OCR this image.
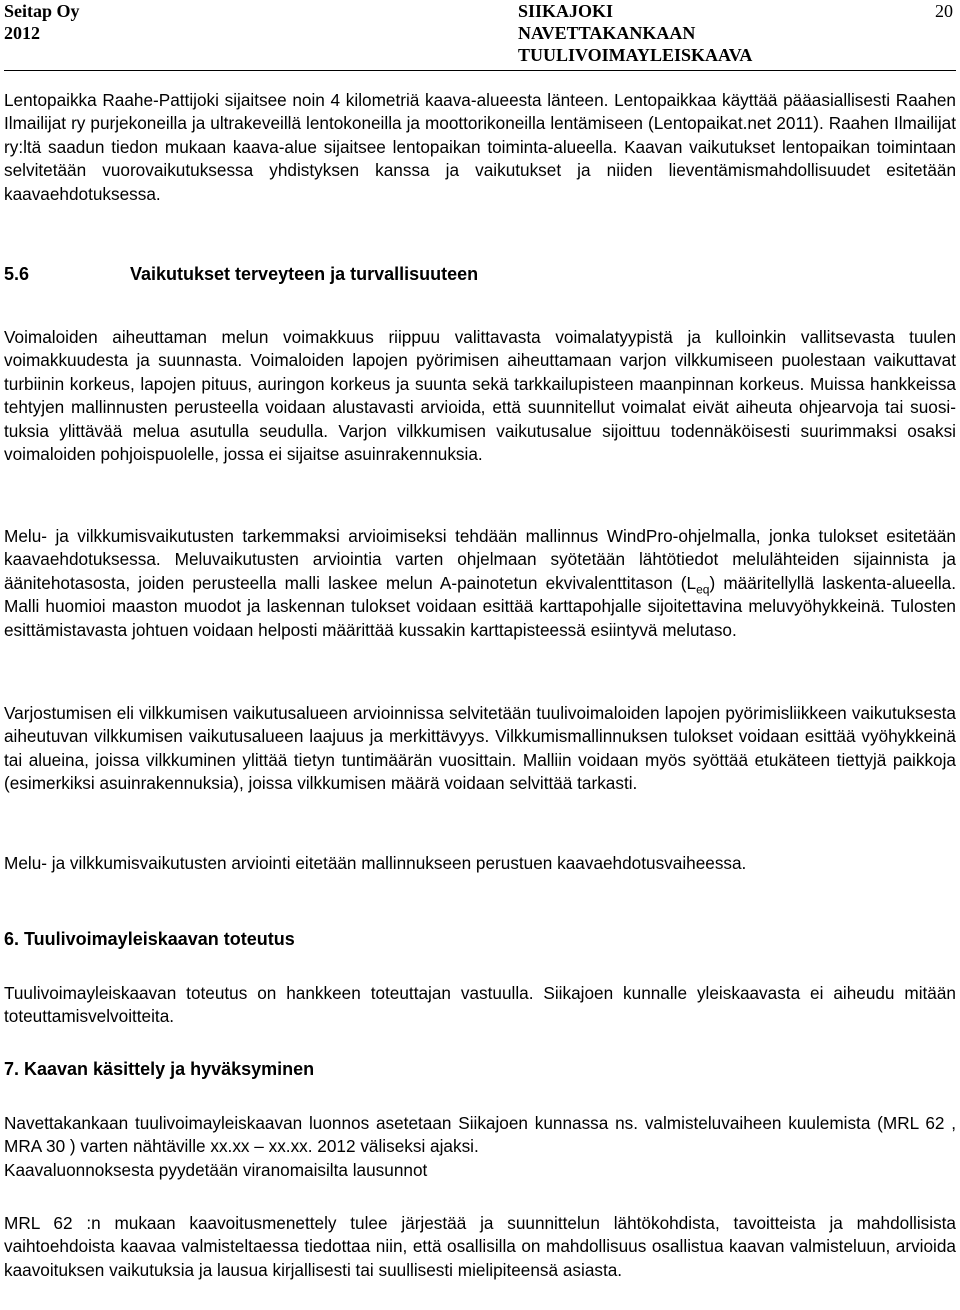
Seitap Oy
2012
SIIKAJOKI
NAVETTAKANKAAN
TUULIVOIMAYLEISKAAVA
20

Lentopaikka Raahe-Pattijoki sijaitsee noin 4 kilometriä kaava-alueesta länteen. Lentopaikkaa käyttää pääasiallisesti Raahen Ilmailijat ry purjekoneilla ja ultrakeveillä lentokoneilla ja moottorikoneilla lentämiseen (Lentopaikat.net 2011). Raahen Ilmailijat ry:ltä saadun tiedon mukaan kaava-alue sijaitsee lentopaikan toiminta-alueella. Kaavan vaikutukset lentopaikan toimintaan selvitetään vuorovaikutuksessa yhdistyksen kanssa ja vaikutukset ja niiden lieventämismahdollisuudet esitetään kaavaehdotuksessa.

5.6	Vaikutukset terveyteen ja turvallisuuteen

Voimaloiden aiheuttaman melun voimakkuus riippuu valittavasta voimalatyypistä ja kulloinkin vallitsevasta tuulen voimakkuudesta ja suunnasta. Voimaloiden lapojen pyörimisen aiheuttamaan varjon vilkkumiseen puolestaan vaikuttavat turbiinin korkeus, lapojen pituus, auringon korkeus ja suunta sekä tarkkailupisteen maanpinnan korkeus. Muissa hankkeissa tehtyjen mallinnusten perusteella voidaan alustavasti arvioida, että suunnitellut voimalat eivät aiheuta ohjearvoja tai suosituksia ylittävää melua asutulla seudulla. Varjon vilkkumisen vaikutusalue sijoittuu todennäköisesti suurimmaksi osaksi voimaloiden pohjoispuolelle, jossa ei sijaitse asuinrakennuksia.

Melu- ja vilkkumisvaikutusten tarkemmaksi arvioimiseksi tehdään mallinnus WindPro-ohjelmalla, jonka tulokset esitetään kaavaehdotuksessa. Meluvaikutusten arviointia varten ohjelmaan syötetään lähtötiedot melulähteiden sijainnista ja äänitehotasosta, joiden perusteella malli laskee melun A-painotetun ekvivalenttitason $(L_{eq})$ määritellyllä laskenta-alueella. Malli huomioi maaston muodot ja laskennan tulokset voidaan esittää karttapohjalle sijoitettavina meluvyöhykkeinä. Tulosten esittämistavasta johtuen voidaan helposti määrittää kussakin karttapisteessä esiintyvä melutaso.

Varjostumisen eli vilkkumisen vaikutusalueen arvioinnissa selvitetään tuulivoimaloiden lapojen pyörimisliikkeen vaikutuksesta aiheutuvan vilkkumisen vaikutusalueen laajuus ja merkittävyys. Vilkkumismallinnuksen tulokset voidaan esittää vyöhykkeinä tai alueina, joissa vilkkuminen ylittää tietyn tuntimäärän vuosittain. Malliin voidaan myös syöttää etukäteen tiettyjä paikkoja (esimerkiksi asuinrakennuksia), joissa vilkkumisen määrä voidaan selvittää tarkasti.

Melu- ja vilkkumisvaikutusten arviointi eitetään mallinnukseen perustuen kaavaehdotusvaiheessa.

6. Tuulivoimayleiskaavan toteutus

Tuulivoimayleiskaavan toteutus on hankkeen toteuttajan vastuulla. Siikajoen kunnalle yleiskaavasta ei aiheudu mitään toteuttamisvelvoitteita.

7. Kaavan käsittely ja hyväksyminen

Navettakankaan tuulivoimayleiskaavan luonnos asetetaan Siikajoen kunnassa ns. valmisteluvaiheen kuulemista (MRL 62 , MRA 30 ) varten nähtäville xx.xx – xx.xx. 2012 väliseksi ajaksi.

Kaavaluonnoksesta pyydetään viranomaisilta lausunnot

MRL 62 :n mukaan kaavoitusmenettely tulee järjestää ja suunnittelun lähtökohdista, tavoitteista ja mahdollisista vaihtoehdoista kaavaa valmisteltaessa tiedottaa niin, että osallisilla on mahdollisuus osallistua kaavan valmisteluun, arvioida kaavoituksen vaikutuksia ja lausua kirjallisesti tai suullisesti mielipiteensä asiasta.
